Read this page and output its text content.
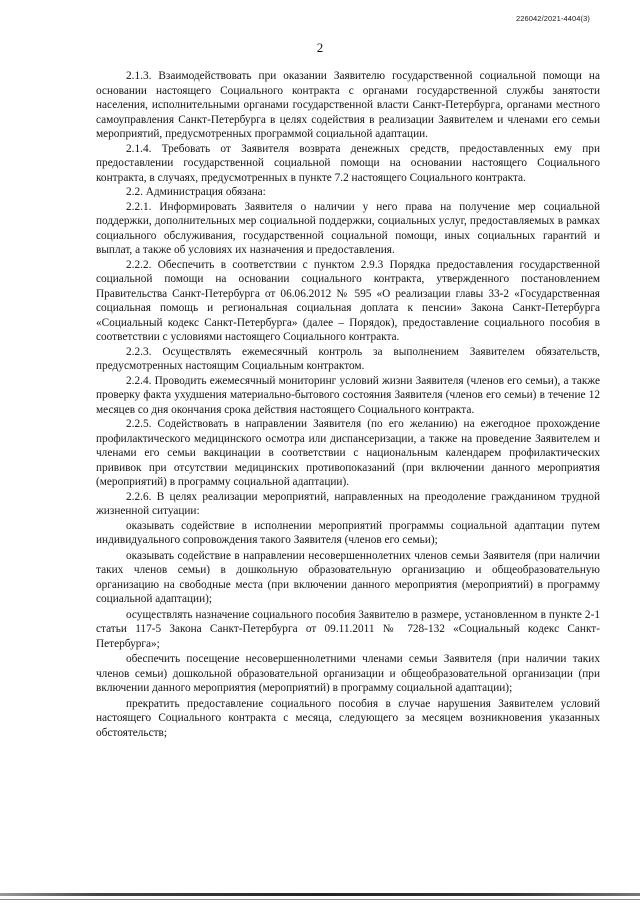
226042/2021-4404(3)
2

2.1.3. Взаимодействовать при оказании Заявителю государственной социальной помощи на основании настоящего Социального контракта с органами государственной службы занятости населения, исполнительными органами государственной власти Санкт-Петербурга, органами местного самоуправления Санкт-Петербурга в целях содействия в реализации Заявителем и членами его семьи мероприятий, предусмотренных программой социальной адаптации.

2.1.4. Требовать от Заявителя возврата денежных средств, предоставленных ему при предоставлении государственной социальной помощи на основании настоящего Социального контракта, в случаях, предусмотренных в пункте 7.2 настоящего Социального контракта.

2.2. Администрация обязана:

2.2.1. Информировать Заявителя о наличии у него права на получение мер социальной поддержки, дополнительных мер социальной поддержки, социальных услуг, предоставляемых в рамках социального обслуживания, государственной социальной помощи, иных социальных гарантий и выплат, а также об условиях их назначения и предоставления.

2.2.2. Обеспечить в соответствии с пунктом 2.9.3 Порядка предоставления государственной социальной помощи на основании социального контракта, утвержденного постановлением Правительства Санкт-Петербурга от 06.06.2012 № 595 «О реализации главы 33-2 «Государственная социальная помощь и региональная социальная доплата к пенсии» Закона Санкт-Петербурга «Социальный кодекс Санкт-Петербурга» (далее – Порядок), предоставление социального пособия в соответствии с условиями настоящего Социального контракта.

2.2.3. Осуществлять ежемесячный контроль за выполнением Заявителем обязательств, предусмотренных настоящим Социальным контрактом.

2.2.4. Проводить ежемесячный мониторинг условий жизни Заявителя (членов его семьи), а также проверку факта ухудшения материально-бытового состояния Заявителя (членов его семьи) в течение 12 месяцев со дня окончания срока действия настоящего Социального контракта.

2.2.5. Содействовать в направлении Заявителя (по его желанию) на ежегодное прохождение профилактического медицинского осмотра или диспансеризации, а также на проведение Заявителем и членами его семьи вакцинации в соответствии с национальным календарем профилактических прививок при отсутствии медицинских противопоказаний (при включении данного мероприятия (мероприятий) в программу социальной адаптации).

2.2.6. В целях реализации мероприятий, направленных на преодоление гражданином трудной жизненной ситуации:

оказывать содействие в исполнении мероприятий программы социальной адаптации путем индивидуального сопровождения такого Заявителя (членов его семьи);

оказывать содействие в направлении несовершеннолетних членов семьи Заявителя (при наличии таких членов семьи) в дошкольную образовательную организацию и общеобразовательную организацию на свободные места (при включении данного мероприятия (мероприятий) в программу социальной адаптации);

осуществлять назначение социального пособия Заявителю в размере, установленном в пункте 2-1 статьи 117-5 Закона Санкт-Петербурга от 09.11.2011 № 728-132 «Социальный кодекс Санкт-Петербурга»;

обеспечить посещение несовершеннолетними членами семьи Заявителя (при наличии таких членов семьи) дошкольной образовательной организации и общеобразовательной организации (при включении данного мероприятия (мероприятий) в программу социальной адаптации);

прекратить предоставление социального пособия в случае нарушения Заявителем условий настоящего Социального контракта с месяца, следующего за месяцем возникновения указанных обстоятельств;
